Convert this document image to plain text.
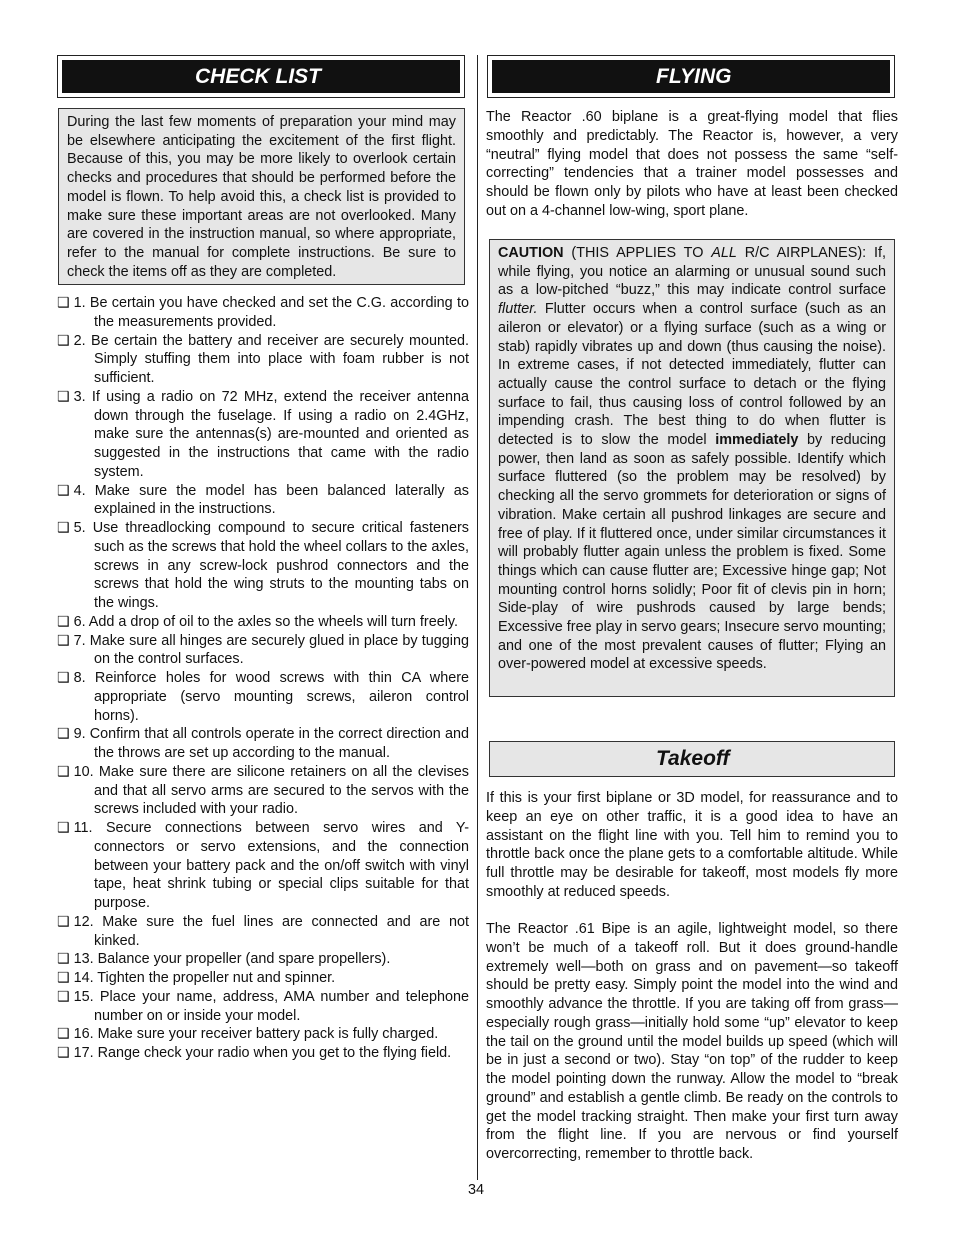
CHECK LIST
During the last few moments of preparation your mind may be elsewhere anticipating the excitement of the first flight. Because of this, you may be more likely to overlook certain checks and procedures that should be performed before the model is flown. To help avoid this, a check list is provided to make sure these important areas are not overlooked. Many are covered in the instruction manual, so where appropriate, refer to the manual for complete instructions. Be sure to check the items off as they are completed.
❑ 1. Be certain you have checked and set the C.G. according to the measurements provided.
❑ 2. Be certain the battery and receiver are securely mounted. Simply stuffing them into place with foam rubber is not sufficient.
❑ 3. If using a radio on 72 MHz, extend the receiver antenna down through the fuselage. If using a radio on 2.4GHz, make sure the antennas(s) are-mounted and oriented as suggested in the instructions that came with the radio system.
❑ 4. Make sure the model has been balanced laterally as explained in the instructions.
❑ 5. Use threadlocking compound to secure critical fasteners such as the screws that hold the wheel collars to the axles, screws in any screw-lock pushrod connectors and the screws that hold the wing struts to the mounting tabs on the wings.
❑ 6. Add a drop of oil to the axles so the wheels will turn freely.
❑ 7. Make sure all hinges are securely glued in place by tugging on the control surfaces.
❑ 8. Reinforce holes for wood screws with thin CA where appropriate (servo mounting screws, aileron control horns).
❑ 9. Confirm that all controls operate in the correct direction and the throws are set up according to the manual.
❑ 10. Make sure there are silicone retainers on all the clevises and that all servo arms are secured to the servos with the screws included with your radio.
❑ 11. Secure connections between servo wires and Y-connectors or servo extensions, and the connection between your battery pack and the on/off switch with vinyl tape, heat shrink tubing or special clips suitable for that purpose.
❑ 12. Make sure the fuel lines are connected and are not kinked.
❑ 13. Balance your propeller (and spare propellers).
❑ 14. Tighten the propeller nut and spinner.
❑ 15. Place your name, address, AMA number and telephone number on or inside your model.
❑ 16. Make sure your receiver battery pack is fully charged.
❑ 17. Range check your radio when you get to the flying field.
FLYING

The Reactor .60 biplane is a great-flying model that flies smoothly and predictably. The Reactor is, however, a very “neutral” flying model that does not possess the same “self-correcting” tendencies that a trainer model possesses and should be flown only by pilots who have at least been checked out on a 4-channel low-wing, sport plane.

CAUTION (THIS APPLIES TO ALL R/C AIRPLANES): If, while flying, you notice an alarming or unusual sound such as a low-pitched “buzz,” this may indicate control surface flutter. Flutter occurs when a control surface (such as an aileron or elevator) or a flying surface (such as a wing or stab) rapidly vibrates up and down (thus causing the noise). In extreme cases, if not detected immediately, flutter can actually cause the control surface to detach or the flying surface to fail, thus causing loss of control followed by an impending crash. The best thing to do when flutter is detected is to slow the model immediately by reducing power, then land as soon as safely possible. Identify which surface fluttered (so the problem may be resolved) by checking all the servo grommets for deterioration or signs of vibration. Make certain all pushrod linkages are secure and free of play. If it fluttered once, under similar circumstances it will probably flutter again unless the problem is fixed. Some things which can cause flutter are; Excessive hinge gap; Not mounting control horns solidly; Poor fit of clevis pin in horn; Side-play of wire pushrods caused by large bends; Excessive free play in servo gears; Insecure servo mounting; and one of the most prevalent causes of flutter; Flying an over-powered model at excessive speeds.
Takeoff

If this is your first biplane or 3D model, for reassurance and to keep an eye on other traffic, it is a good idea to have an assistant on the flight line with you. Tell him to remind you to throttle back once the plane gets to a comfortable altitude. While full throttle may be desirable for takeoff, most models fly more smoothly at reduced speeds.

The Reactor .61 Bipe is an agile, lightweight model, so there won’t be much of a takeoff roll. But it does ground-handle extremely well—both on grass and on pavement—so takeoff should be pretty easy. Simply point the model into the wind and smoothly advance the throttle. If you are taking off from grass—especially rough grass—initially hold some “up” elevator to keep the tail on the ground until the model builds up speed (which will be in just a second or two). Stay “on top” of the rudder to keep the model pointing down the runway. Allow the model to “break ground” and establish a gentle climb. Be ready on the controls to get the model tracking straight. Then make your first turn away from the flight line. If you are nervous or find yourself overcorrecting, remember to throttle back.

34
